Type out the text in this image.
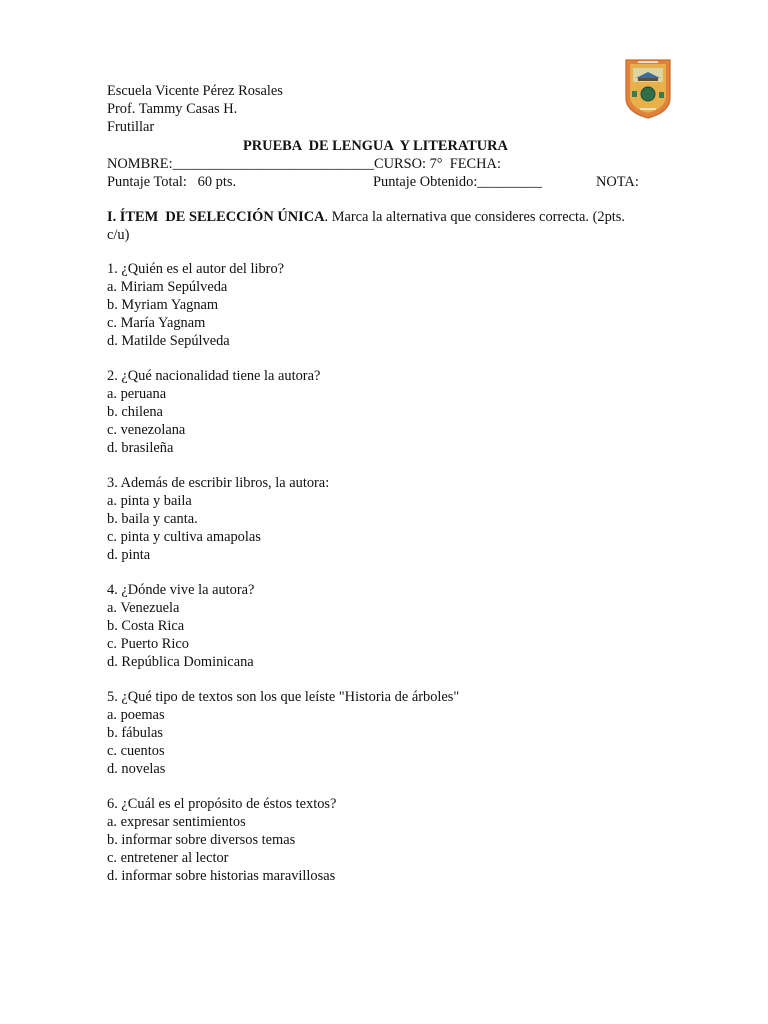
Escuela Vicente Pérez Rosales
Prof. Tammy Casas H.
Frutillar
PRUEBA  DE LENGUA  Y LITERATURA
NOMBRE:____________________________CURSO: 7°  FECHA:
Puntaje Total:   60 pts.	Puntaje Obtenido:_________	NOTA:
I. ÍTEM  DE SELECCIÓN ÚNICA. Marca la alternativa que consideres correcta. (2pts.
c/u)
1. ¿Quién es el autor del libro?
a. Miriam Sepúlveda
b. Myriam Yagnam
c. María Yagnam
d. Matilde Sepúlveda
2. ¿Qué nacionalidad tiene la autora?
a. peruana
b. chilena
c. venezolana
d. brasileña
3. Además de escribir libros, la autora:
a. pinta y baila
b. baila y canta.
c. pinta y cultiva amapolas
d. pinta
4. ¿Dónde vive la autora?
a. Venezuela
b. Costa Rica
c. Puerto Rico
d. República Dominicana
5. ¿Qué tipo de textos son los que leíste "Historia de árboles"
a. poemas
b. fábulas
c. cuentos
d. novelas
6. ¿Cuál es el propósito de éstos textos?
a. expresar sentimientos
b. informar sobre diversos temas
c. entretener al lector
d. informar sobre historias maravillosas
